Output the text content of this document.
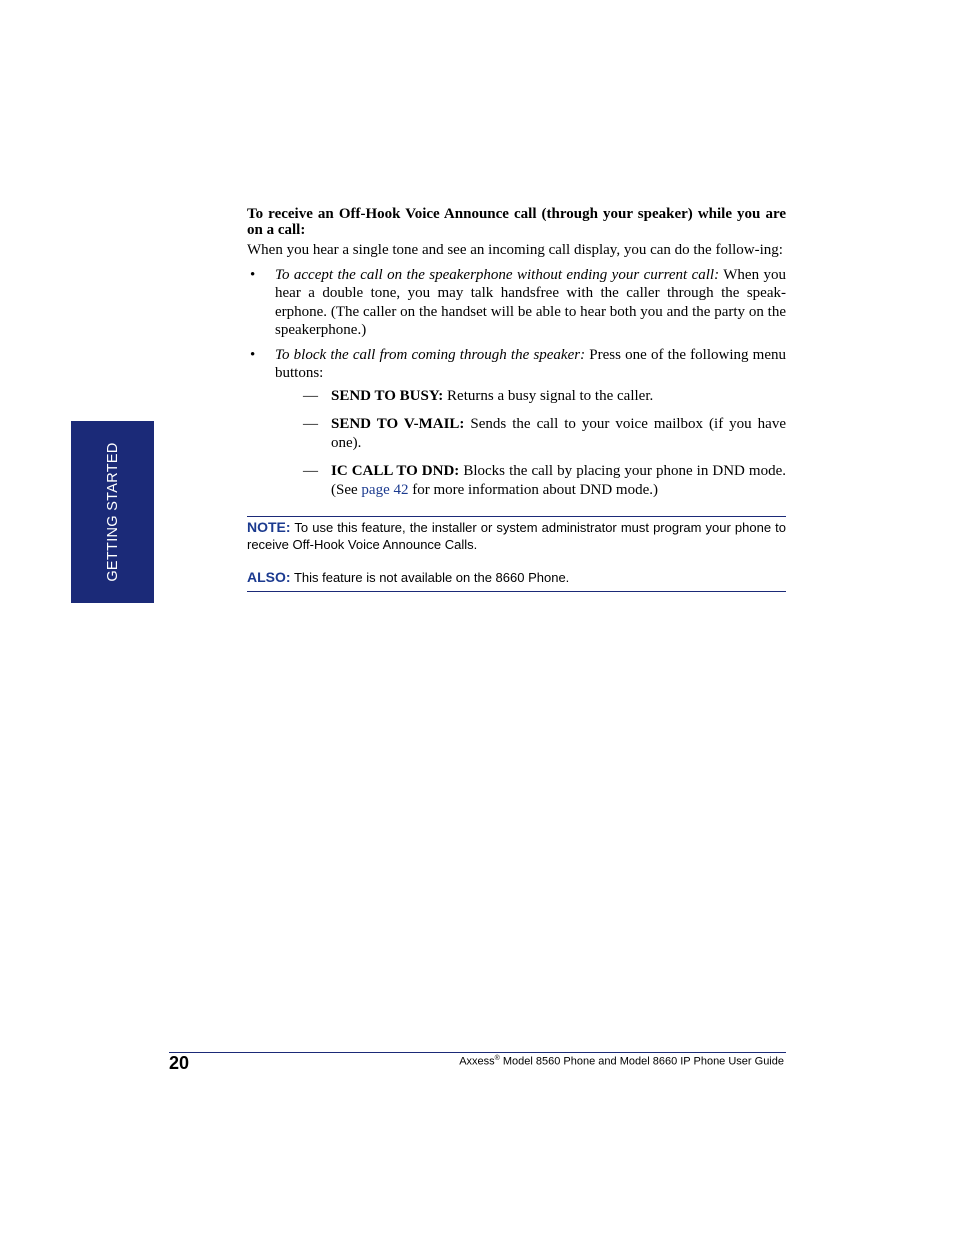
GETTING STARTED

To receive an Off-Hook Voice Announce call (through your speaker) while you are on a call:

When you hear a single tone and see an incoming call display, you can do the follow-ing:

• To accept the call on the speakerphone without ending your current call: When you hear a double tone, you may talk handsfree with the caller through the speak-erphone. (The caller on the handset will be able to hear both you and the party on the speakerphone.)
• To block the call from coming through the speaker: Press one of the following menu buttons:
— SEND TO BUSY: Returns a busy signal to the caller.
— SEND TO V-MAIL: Sends the call to your voice mailbox (if you have one).
— IC CALL TO DND: Blocks the call by placing your phone in DND mode. (See page 42 for more information about DND mode.)
NOTE: To use this feature, the installer or system administrator must program your phone to receive Off-Hook Voice Announce Calls.
ALSO: This feature is not available on the 8660 Phone.
20	Axxess® Model 8560 Phone and Model 8660 IP Phone User Guide
